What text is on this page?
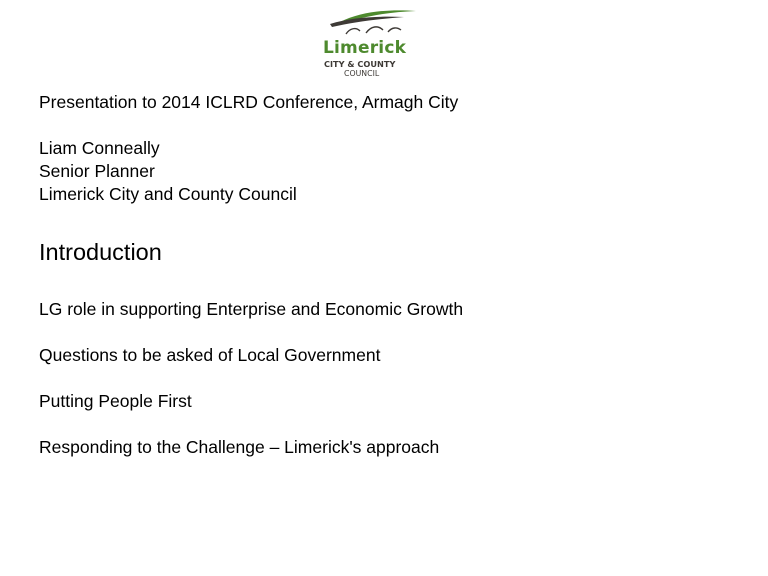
Limerick
CITY & COUNTY
COUNCIL
Presentation to 2014 ICLRD Conference, Armagh City
Liam Conneally
Senior Planner
Limerick City and County Council
Introduction
LG role in supporting Enterprise and Economic Growth
Questions to be asked of Local Government
Putting People First
Responding to the Challenge – Limerick's approach
